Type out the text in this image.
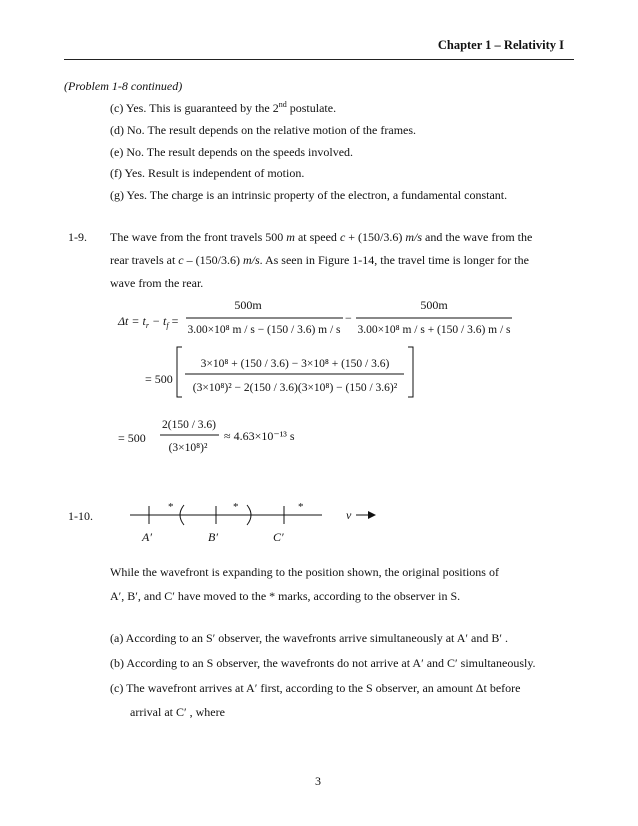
Chapter 1 – Relativity I
(Problem 1-8 continued)
(c) Yes. This is guaranteed by the 2nd postulate.
(d) No. The result depends on the relative motion of the frames.
(e) No. The result depends on the speeds involved.
(f) Yes. Result is independent of motion.
(g) Yes. The charge is an intrinsic property of the electron, a fundamental constant.
1-9. The wave from the front travels 500 m at speed c + (150/3.6) m/s and the wave from the
rear travels at c – (150/3.6) m/s. As seen in Figure 1-14, the travel time is longer for the
wave from the rear.
$\Delta t = t_r - t_f$ =
500m
3.00×10⁸ m / s − (150 / 3.6) m / s
−
500m
3.00×10⁸ m / s + (150 / 3.6) m / s
= 500
3×10⁸ + (150 / 3.6) − 3×10⁸ + (150 / 3.6)
(3×10⁸)² − 2(150 / 3.6)(3×10⁸) − (150 / 3.6)²
= 500
2(150 / 3.6)
(3×10⁸)²
≈ 4.63×10⁻¹³ s
*	*	*
A′	B′	C′
v
1-10.
While the wavefront is expanding to the position shown, the original positions of
A′, B′, and C′ have moved to the * marks, according to the observer in S.
(a) According to an S′ observer, the wavefronts arrive simultaneously at A′ and B′ .
(b) According to an S observer, the wavefronts do not arrive at A′ and C′ simultaneously.
(c) The wavefront arrives at A′ first, according to the S observer, an amount Δt before
arrival at C′ , where
3
